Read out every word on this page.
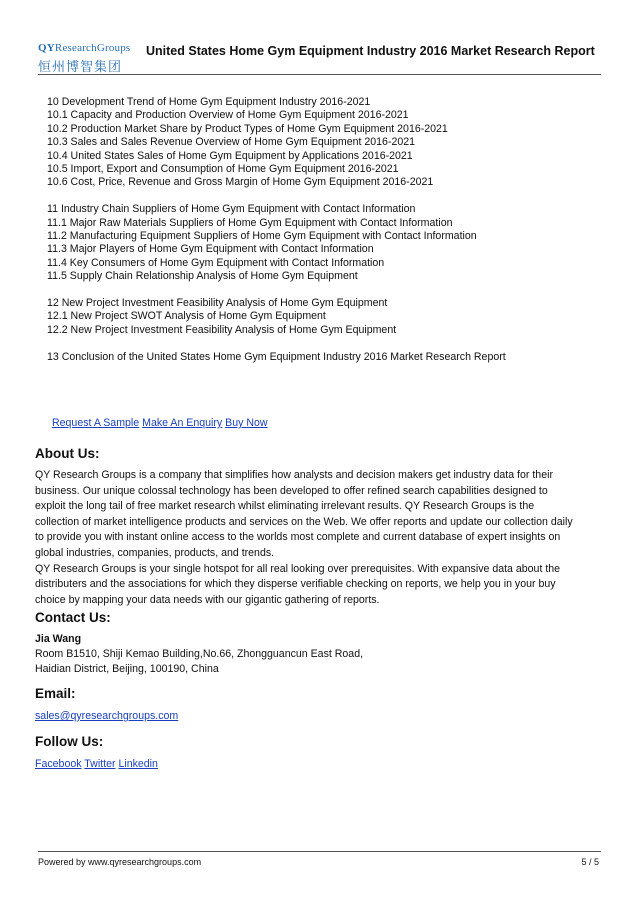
QYResearchGroups
恒州博智集团
United States Home Gym Equipment Industry 2016 Market Research Report
10 Development Trend of Home Gym Equipment Industry 2016-2021
10.1 Capacity and Production Overview of Home Gym Equipment 2016-2021
10.2 Production Market Share by Product Types of Home Gym Equipment 2016-2021
10.3 Sales and Sales Revenue Overview of Home Gym Equipment 2016-2021
10.4 United States Sales of Home Gym Equipment by Applications 2016-2021
10.5 Import, Export and Consumption of Home Gym Equipment 2016-2021
10.6 Cost, Price, Revenue and Gross Margin of Home Gym Equipment 2016-2021
11 Industry Chain Suppliers of Home Gym Equipment with Contact Information
11.1 Major Raw Materials Suppliers of Home Gym Equipment with Contact Information
11.2 Manufacturing Equipment Suppliers of Home Gym Equipment with Contact Information
11.3 Major Players of Home Gym Equipment with Contact Information
11.4 Key Consumers of Home Gym Equipment with Contact Information
11.5 Supply Chain Relationship Analysis of Home Gym Equipment
12 New Project Investment Feasibility Analysis of Home Gym Equipment
12.1 New Project SWOT Analysis of Home Gym Equipment
12.2 New Project Investment Feasibility Analysis of Home Gym Equipment
13 Conclusion of the United States Home Gym Equipment Industry 2016 Market Research Report
Request A Sample Make An Enquiry Buy Now
About Us:
QY Research Groups is a company that simplifies how analysts and decision makers get industry data for their
business. Our unique colossal technology has been developed to offer refined search capabilities designed to
exploit the long tail of free market research whilst eliminating irrelevant results. QY Research Groups is the
collection of market intelligence products and services on the Web. We offer reports and update our collection daily
to provide you with instant online access to the worlds most complete and current database of expert insights on
global industries, companies, products, and trends.
QY Research Groups is your single hotspot for all real looking over prerequisites. With expansive data about the
distributers and the associations for which they disperse verifiable checking on reports, we help you in your buy
choice by mapping your data needs with our gigantic gathering of reports.
Contact Us:
Jia Wang
Room B1510, Shiji Kemao Building,No.66, Zhongguancun East Road,
Haidian District, Beijing, 100190, China
Email:
sales@qyresearchgroups.com
Follow Us:
Facebook Twitter Linkedin
Powered by www.qyresearchgroups.com	5 / 5
